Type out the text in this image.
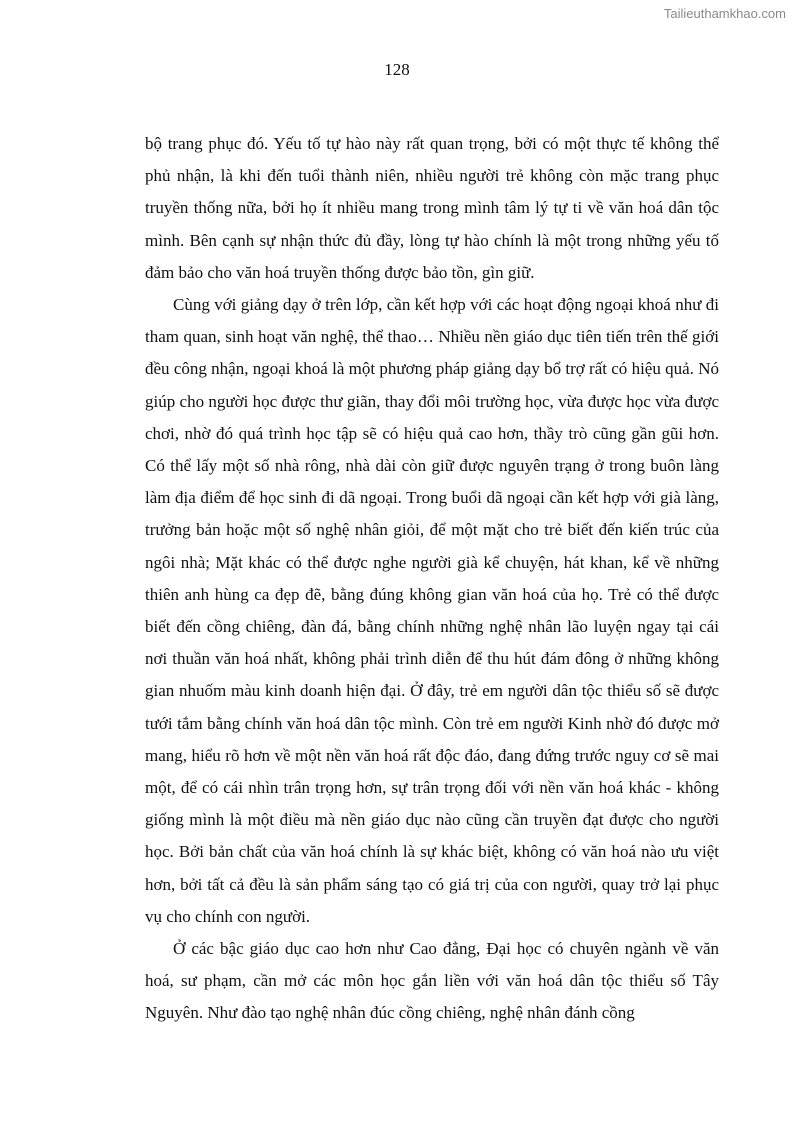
Tailieuthamkhao.com
128

bộ trang phục đó. Yếu tố tự hào này rất quan trọng, bởi có một thực tế không thể phủ nhận, là khi đến tuổi thành niên, nhiều người trẻ không còn mặc trang phục truyền thống nữa, bởi họ ít nhiều mang trong mình tâm lý tự ti về văn hoá dân tộc mình. Bên cạnh sự nhận thức đủ đầy, lòng tự hào chính là một trong những yếu tố đảm bảo cho văn hoá truyền thống được bảo tồn, gìn giữ.

Cùng với giảng dạy ở trên lớp, cần kết hợp với các hoạt động ngoại khoá như đi tham quan, sinh hoạt văn nghệ, thể thao… Nhiều nền giáo dục tiên tiến trên thế giới đều công nhận, ngoại khoá là một phương pháp giảng dạy bổ trợ rất có hiệu quả. Nó giúp cho người học được thư giãn, thay đổi môi trường học, vừa được học vừa được chơi, nhờ đó quá trình học tập sẽ có hiệu quả cao hơn, thầy trò cũng gần gũi hơn. Có thể lấy một số nhà rông, nhà dài còn giữ được nguyên trạng ở trong buôn làng làm địa điểm để học sinh đi dã ngoại. Trong buổi dã ngoại cần kết hợp với già làng, trưởng bản hoặc một số nghệ nhân giỏi, để một mặt cho trẻ biết đến kiến trúc của ngôi nhà; Mặt khác có thể được nghe người già kể chuyện, hát khan, kể về những thiên anh hùng ca đẹp đẽ, bằng đúng không gian văn hoá của họ. Trẻ có thể được biết đến cồng chiêng, đàn đá, bằng chính những nghệ nhân lão luyện ngay tại cái nơi thuần văn hoá nhất, không phải trình diễn để thu hút đám đông ở những không gian nhuốm màu kinh doanh hiện đại. Ở đây, trẻ em người dân tộc thiểu số sẽ được tưới tắm bằng chính văn hoá dân tộc mình. Còn trẻ em người Kinh nhờ đó được mở mang, hiểu rõ hơn về một nền văn hoá rất độc đáo, đang đứng trước nguy cơ sẽ mai một, để có cái nhìn trân trọng hơn, sự trân trọng đối với nền văn hoá khác - không giống mình là một điều mà nền giáo dục nào cũng cần truyền đạt được cho người học. Bởi bản chất của văn hoá chính là sự khác biệt, không có văn hoá nào ưu việt hơn, bởi tất cả đều là sản phẩm sáng tạo có giá trị của con người, quay trở lại phục vụ cho chính con người.

Ở các bậc giáo dục cao hơn như Cao đẳng, Đại học có chuyên ngành về văn hoá, sư phạm, cần mở các môn học gắn liền với văn hoá dân tộc thiểu số Tây Nguyên. Như đào tạo nghệ nhân đúc cồng chiêng, nghệ nhân đánh cồng
